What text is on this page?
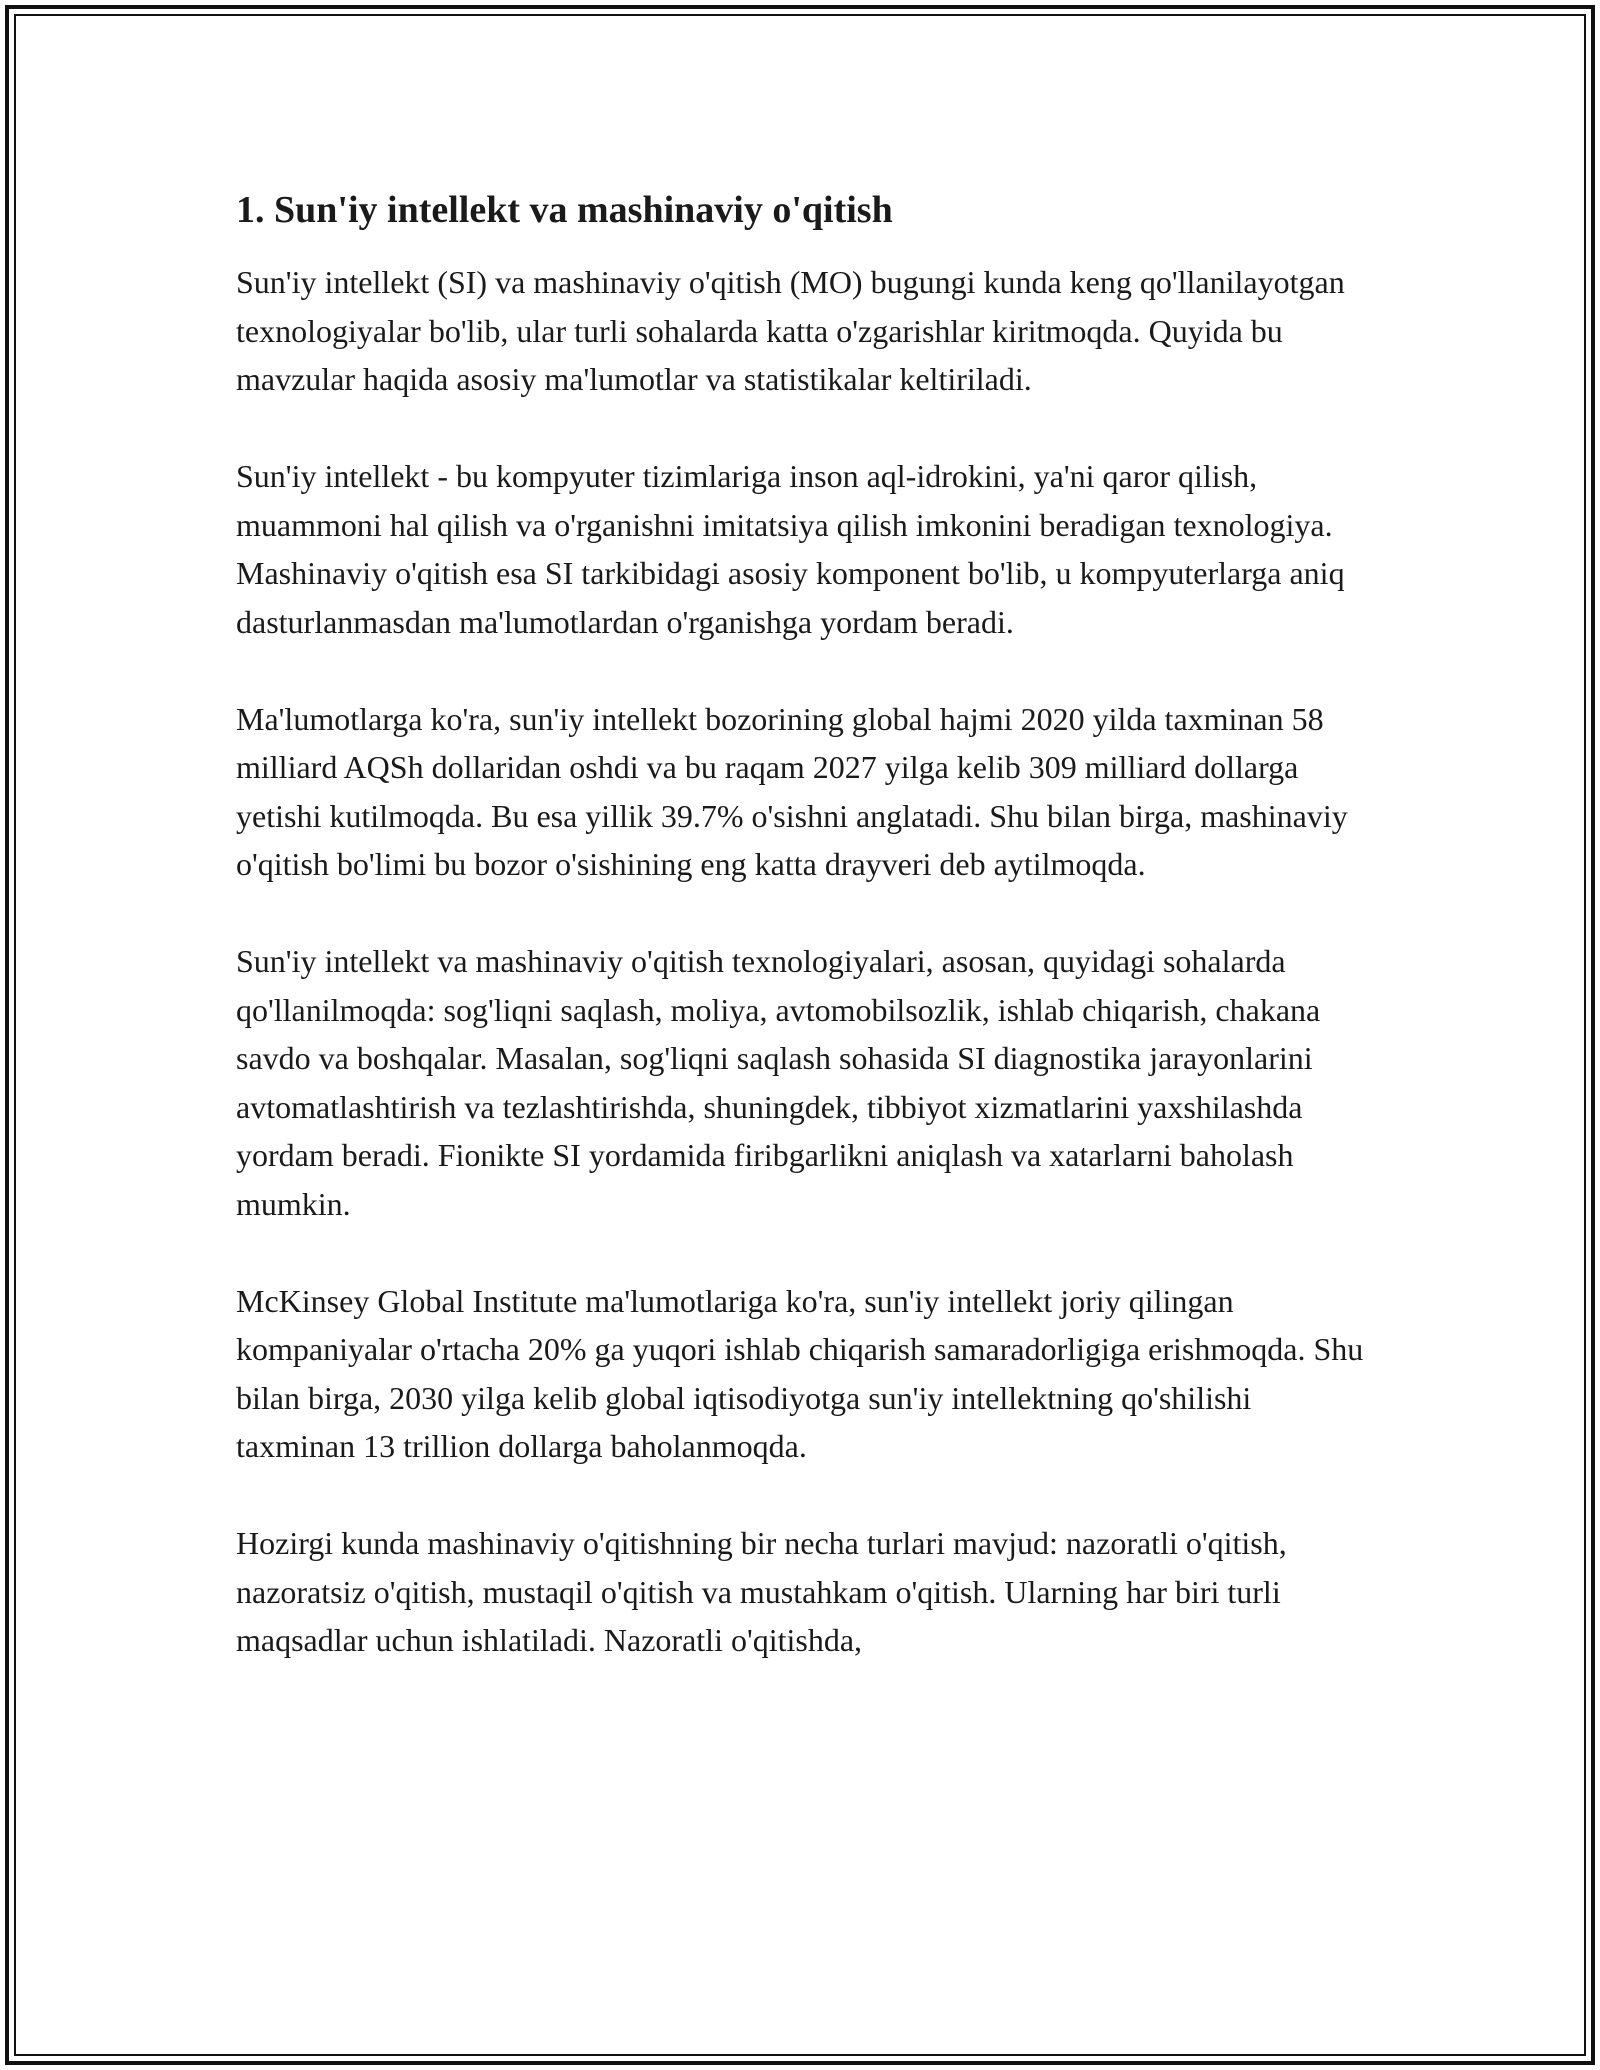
1. Sun'iy intellekt va mashinaviy o'qitish

Sun'iy intellekt (SI) va mashinaviy o'qitish (MO) bugungi kunda keng qo'llanilayotgan texnologiyalar bo'lib, ular turli sohalarda katta o'zgarishlar kiritmoqda. Quyida bu mavzular haqida asosiy ma'lumotlar va statistikalar keltiriladi.

Sun'iy intellekt - bu kompyuter tizimlariga inson aql-idrokini, ya'ni qaror qilish, muammoni hal qilish va o'rganishni imitatsiya qilish imkonini beradigan texnologiya. Mashinaviy o'qitish esa SI tarkibidagi asosiy komponent bo'lib, u kompyuterlarga aniq dasturlanmasdan ma'lumotlardan o'rganishga yordam beradi.

Ma'lumotlarga ko'ra, sun'iy intellekt bozorining global hajmi 2020 yilda taxminan 58 milliard AQSh dollaridan oshdi va bu raqam 2027 yilga kelib 309 milliard dollarga yetishi kutilmoqda. Bu esa yillik 39.7% o'sishni anglatadi. Shu bilan birga, mashinaviy o'qitish bo'limi bu bozor o'sishining eng katta drayveri deb aytilmoqda.

Sun'iy intellekt va mashinaviy o'qitish texnologiyalari, asosan, quyidagi sohalarda qo'llanilmoqda: sog'liqni saqlash, moliya, avtomobilsozlik, ishlab chiqarish, chakana savdo va boshqalar. Masalan, sog'liqni saqlash sohasida SI diagnostika jarayonlarini avtomatlashtirish va tezlashtirishda, shuningdek, tibbiyot xizmatlarini yaxshilashda yordam beradi. Fionikte SI yordamida firibgarlikni aniqlash va xatarlarni baholash mumkin.

McKinsey Global Institute ma'lumotlariga ko'ra, sun'iy intellekt joriy qilingan kompaniyalar o'rtacha 20% ga yuqori ishlab chiqarish samaradorligiga erishmoqda. Shu bilan birga, 2030 yilga kelib global iqtisodiyotga sun'iy intellektning qo'shilishi taxminan 13 trillion dollarga baholanmoqda.

Hozirgi kunda mashinaviy o'qitishning bir necha turlari mavjud: nazoratli o'qitish, nazoratsiz o'qitish, mustaqil o'qitish va mustahkam o'qitish. Ularning har biri turli maqsadlar uchun ishlatiladi. Nazoratli o'qitishda,
